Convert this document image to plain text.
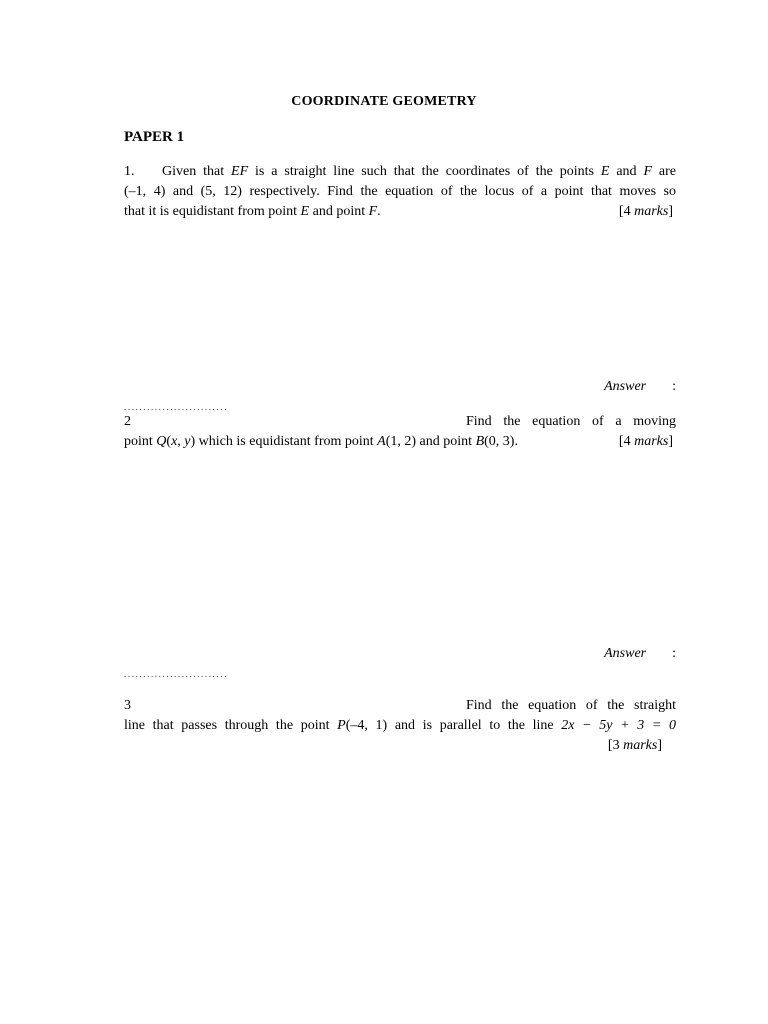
COORDINATE GEOMETRY
PAPER 1
1. Given that EF is a straight line such that the coordinates of the points E and F are
(–1, 4) and (5, 12) respectively. Find the equation of the locus of a point that moves so
that it is equidistant from point E and point F.	[4 marks]
Answer :
...........................
2	Find the equation of a moving
point Q(x, y) which is equidistant from point A(1, 2) and point B(0, 3).	[4 marks]
Answer :
...........................
3	Find the equation of the straight
line that passes through the point P(–4, 1) and is parallel to the line 2x − 5y + 3 = 0
[3 marks]
